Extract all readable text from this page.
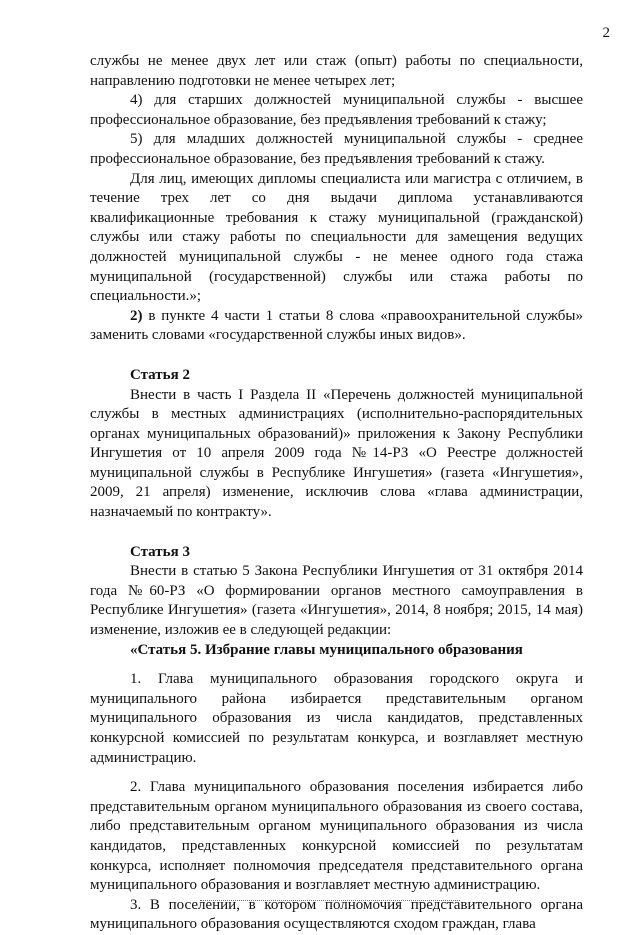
2

службы не менее двух лет или стаж (опыт) работы по специальности, направлению подготовки не менее четырех лет;

4) для старших должностей муниципальной службы - высшее профессиональное образование, без предъявления требований к стажу;

5) для младших должностей муниципальной службы - среднее профессиональное образование, без предъявления требований к стажу.

Для лиц, имеющих дипломы специалиста или магистра с отличием, в течение трех лет со дня выдачи диплома устанавливаются квалификационные требования к стажу муниципальной (гражданской) службы или стажу работы по специальности для замещения ведущих должностей муниципальной службы - не менее одного года стажа муниципальной (государственной) службы или стажа работы по специальности.»;

2) в пункте 4 части 1 статьи 8 слова «правоохранительной службы» заменить словами «государственной службы иных видов».

Статья 2

Внести в часть I Раздела II «Перечень должностей муниципальной службы в местных администрациях (исполнительно-распорядительных органах муниципальных образований)» приложения к Закону Республики Ингушетия от 10 апреля 2009 года №14-РЗ «О Реестре должностей муниципальной службы в Республике Ингушетия» (газета «Ингушетия», 2009, 21 апреля) изменение, исключив слова «глава администрации, назначаемый по контракту».

Статья 3

Внести в статью 5 Закона Республики Ингушетия от 31 октября 2014 года №60-РЗ «О формировании органов местного самоуправления в Республике Ингушетия» (газета «Ингушетия», 2014, 8 ноября; 2015, 14 мая) изменение, изложив ее в следующей редакции:

«Статья 5. Избрание главы муниципального образования

1. Глава муниципального образования городского округа и муниципального района избирается представительным органом муниципального образования из числа кандидатов, представленных конкурсной комиссией по результатам конкурса, и возглавляет местную администрацию.

2. Глава муниципального образования поселения избирается либо представительным органом муниципального образования из своего состава, либо представительным органом муниципального образования из числа кандидатов, представленных конкурсной комиссией по результатам конкурса, исполняет полномочия председателя представительного органа муниципального образования и возглавляет местную администрацию.

3. В поселении, в котором полномочия представительного органа муниципального образования осуществляются сходом граждан, глава
